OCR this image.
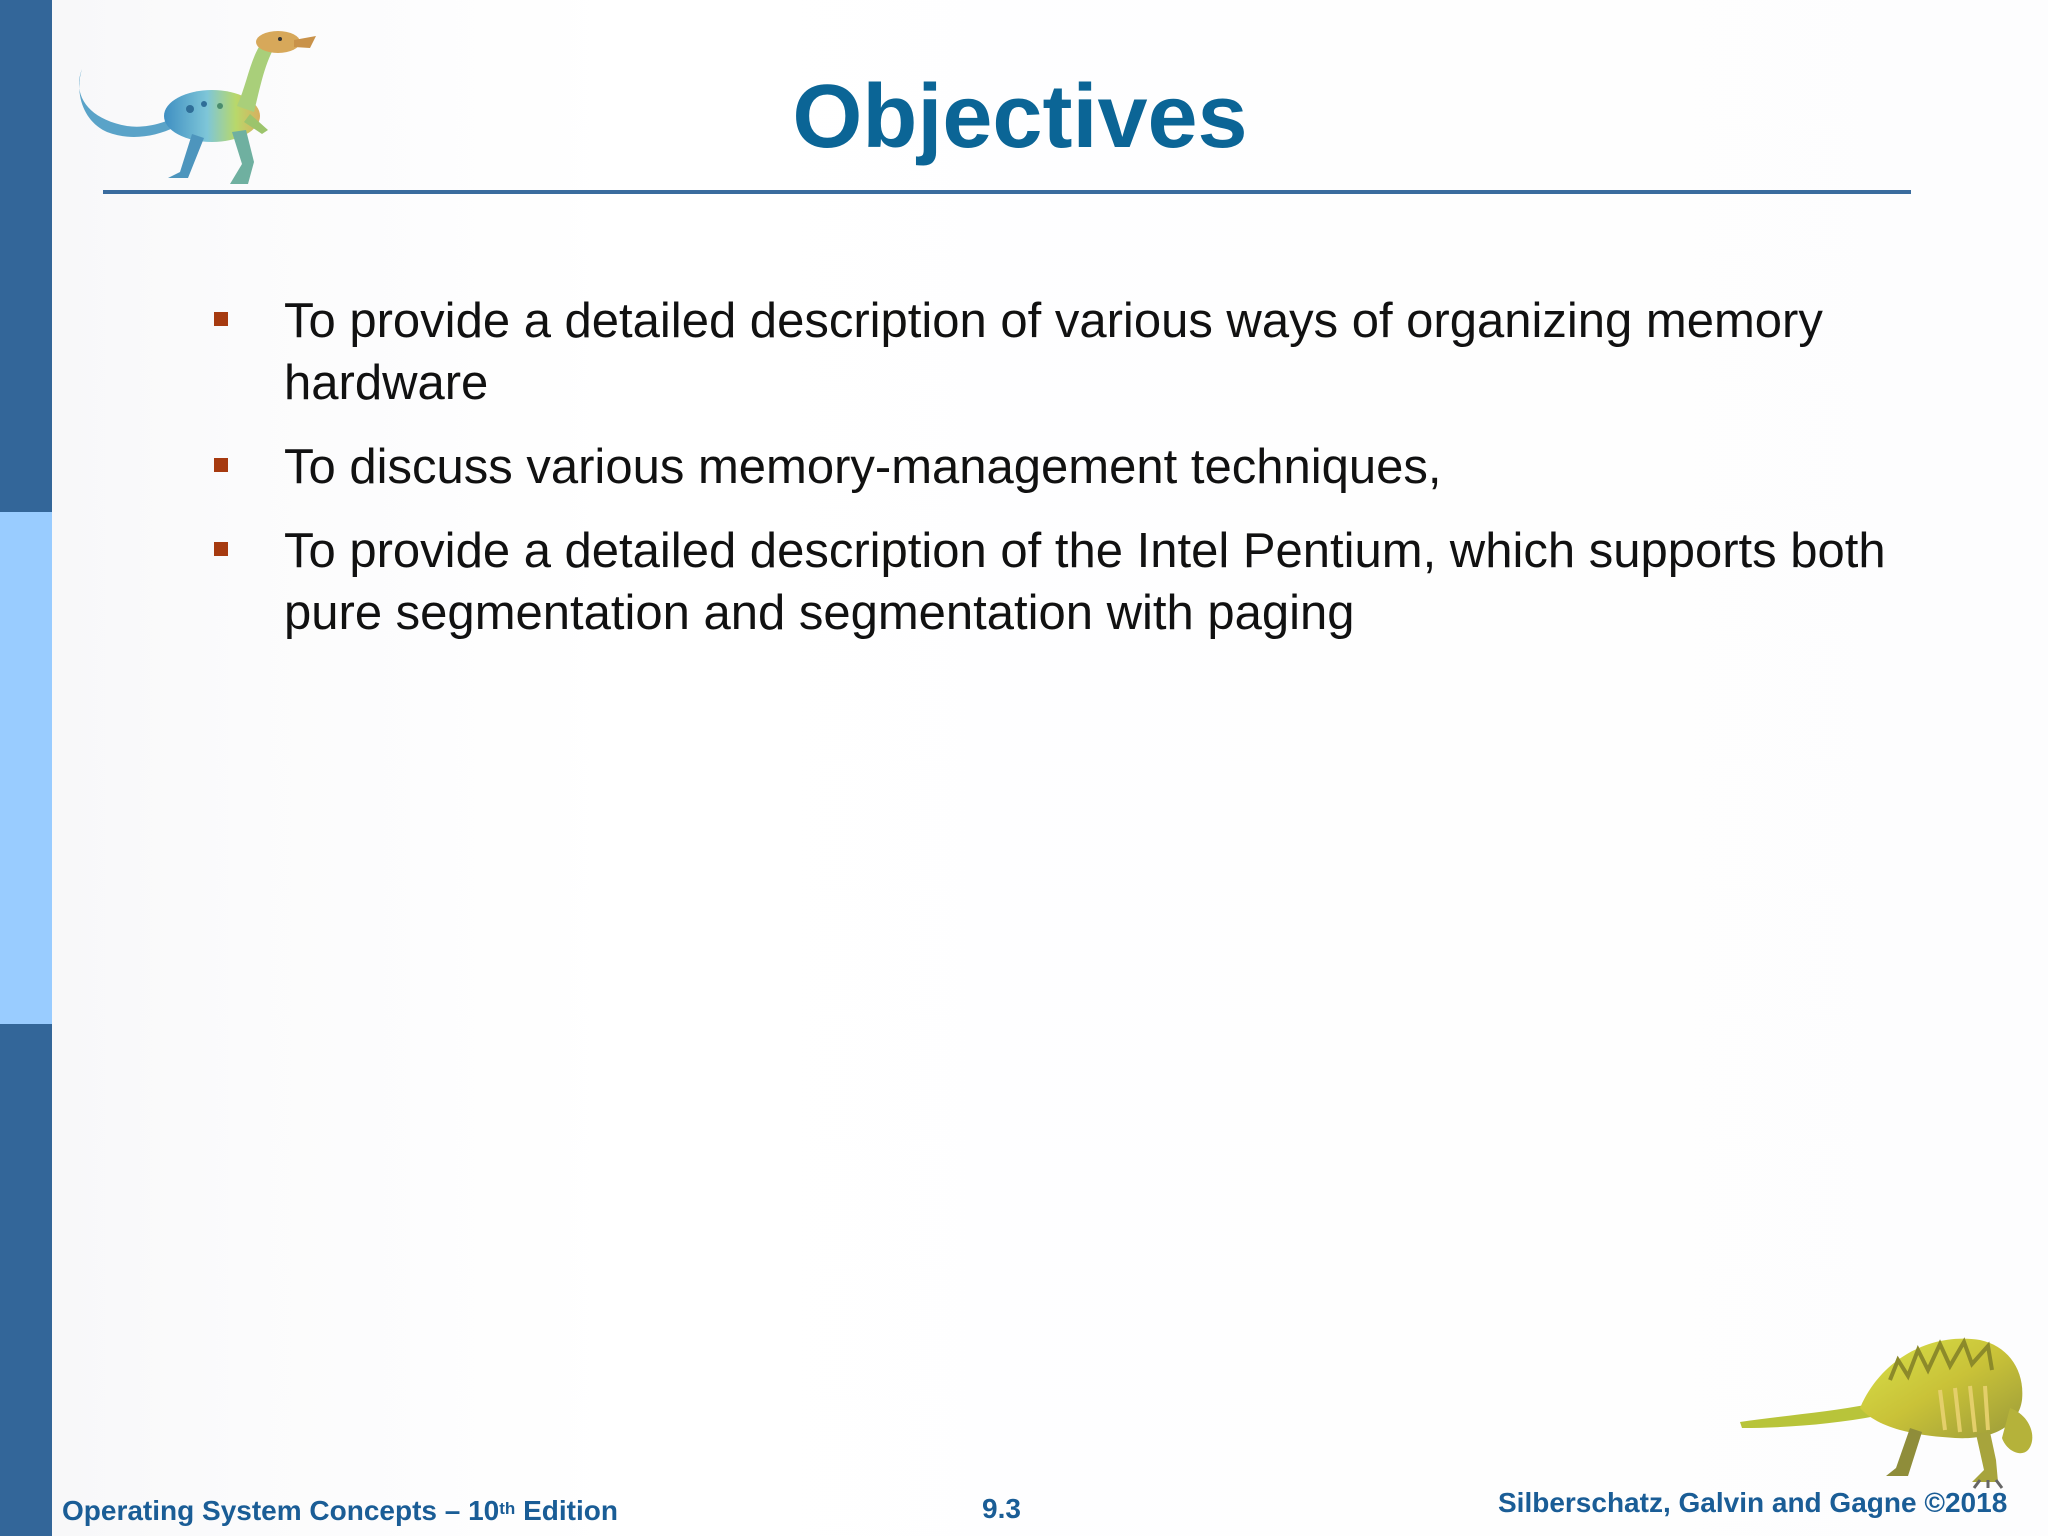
Objectives
To provide a detailed description of various ways of organizing memory hardware
To discuss various memory-management techniques,
To provide a detailed description of the Intel Pentium, which supports both pure segmentation and segmentation with paging
Operating System Concepts – 10th Edition	9.3	Silberschatz, Galvin and Gagne ©2018
